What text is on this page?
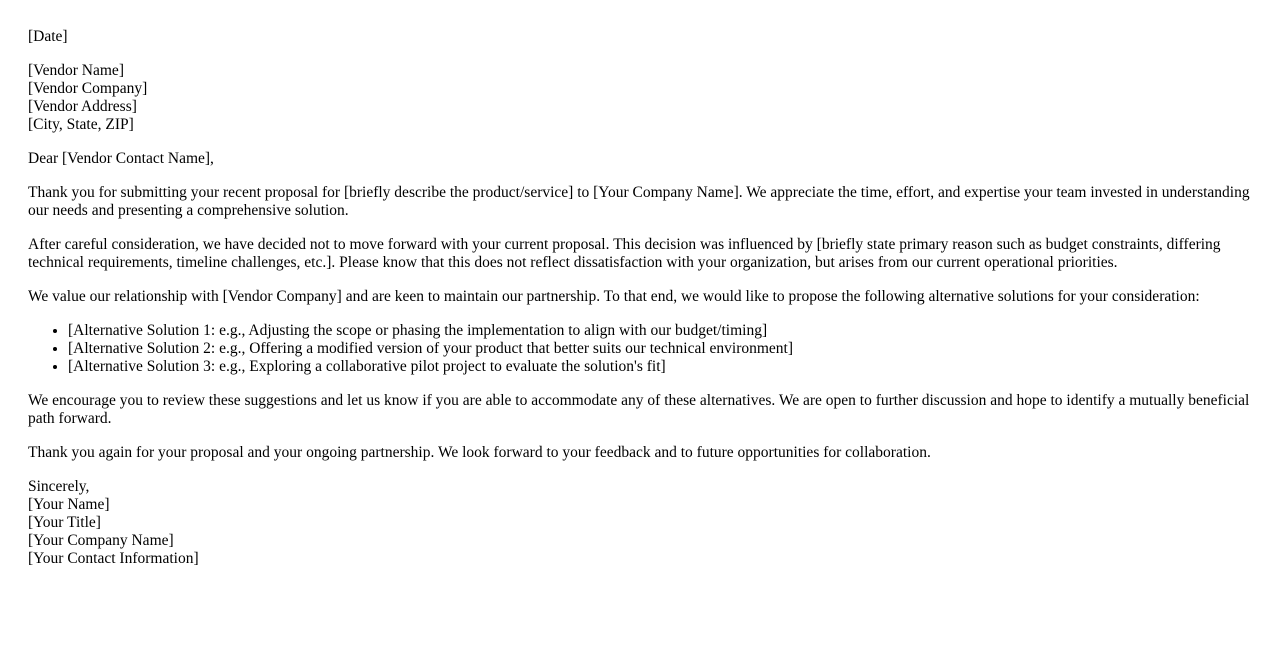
[Date]
[Vendor Name]
[Vendor Company]
[Vendor Address]
[City, State, ZIP]

Dear [Vendor Contact Name],

Thank you for submitting your recent proposal for [briefly describe the product/service] to [Your Company Name]. We appreciate the time, effort, and expertise your team invested in understanding our needs and presenting a comprehensive solution.

After careful consideration, we have decided not to move forward with your current proposal. This decision was influenced by [briefly state primary reason such as budget constraints, differing technical requirements, timeline challenges, etc.]. Please know that this does not reflect dissatisfaction with your organization, but arises from our current operational priorities.

We value our relationship with [Vendor Company] and are keen to maintain our partnership. To that end, we would like to propose the following alternative solutions for your consideration:

• [Alternative Solution 1: e.g., Adjusting the scope or phasing the implementation to align with our budget/timing]
• [Alternative Solution 2: e.g., Offering a modified version of your product that better suits our technical environment]
• [Alternative Solution 3: e.g., Exploring a collaborative pilot project to evaluate the solution's fit]

We encourage you to review these suggestions and let us know if you are able to accommodate any of these alternatives. We are open to further discussion and hope to identify a mutually beneficial path forward.

Thank you again for your proposal and your ongoing partnership. We look forward to your feedback and to future opportunities for collaboration.

Sincerely,
[Your Name]
[Your Title]
[Your Company Name]
[Your Contact Information]
